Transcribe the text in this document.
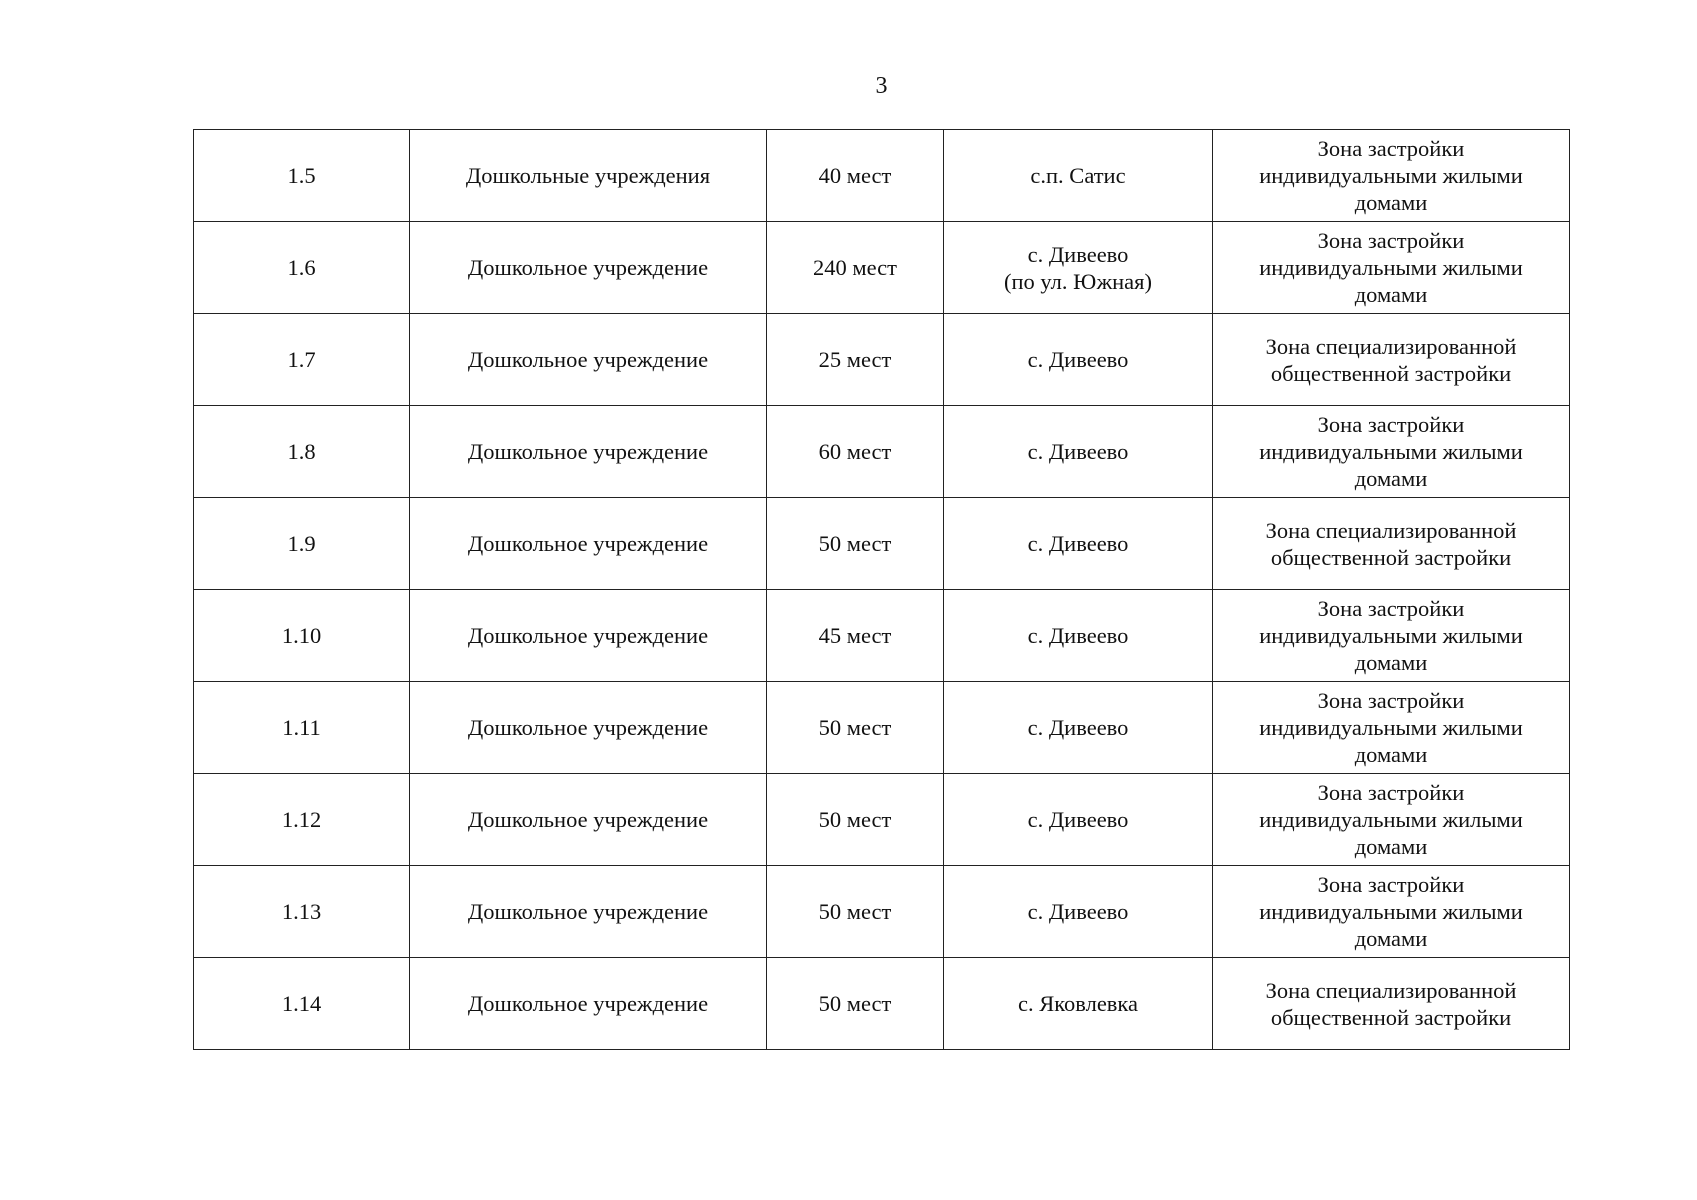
3
1.5	Дошкольные учреждения	40 мест	с.п. Сатис	Зона застройки
индивидуальными жилыми
домами

1.6	Дошкольное учреждение	240 мест	с. Дивеево
(по ул. Южная)	Зона застройки
индивидуальными жилыми
домами

1.7	Дошкольное учреждение	25 мест	с. Дивеево	Зона специализированной
общественной застройки

1.8	Дошкольное учреждение	60 мест	с. Дивеево	Зона застройки
индивидуальными жилыми
домами

1.9	Дошкольное учреждение	50 мест	с. Дивеево	Зона специализированной
общественной застройки

1.10	Дошкольное учреждение	45 мест	с. Дивеево	Зона застройки
индивидуальными жилыми
домами

1.11	Дошкольное учреждение	50 мест	с. Дивеево	Зона застройки
индивидуальными жилыми
домами

1.12	Дошкольное учреждение	50 мест	с. Дивеево	Зона застройки
индивидуальными жилыми
домами

1.13	Дошкольное учреждение	50 мест	с. Дивеево	Зона застройки
индивидуальными жилыми
домами

1.14	Дошкольное учреждение	50 мест	с. Яковлевка	Зона специализированной
общественной застройки
